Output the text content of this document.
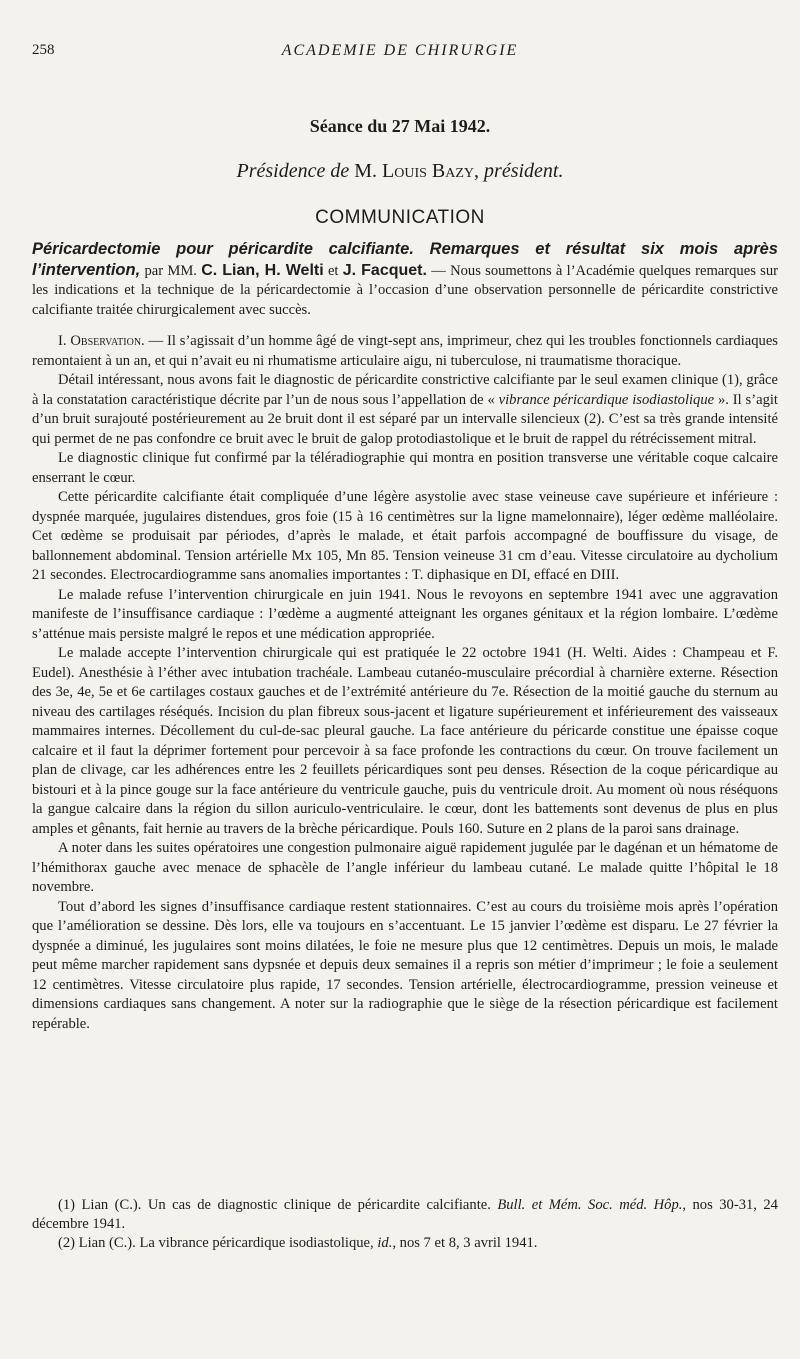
258	ACADEMIE DE CHIRURGIE
Séance du 27 Mai 1942.
Présidence de M. Louis Bazy, président.
COMMUNICATION

Péricardectomie pour péricardite calcifiante. Remarques et résultat six mois après l’intervention, par MM. C. Lian, H. Welti et J. Facquet. — Nous soumettons à l’Académie quelques remarques sur les indications et la technique de la péricardectomie à l’occasion d’une observation personnelle de péricardite constrictive calcifiante traitée chirurgicalement avec succès.

I. Observation. — Il s’agissait d’un homme âgé de vingt-sept ans, imprimeur, chez qui les troubles fonctionnels cardiaques remontaient à un an, et qui n’avait eu ni rhumatisme articulaire aigu, ni tuberculose, ni traumatisme thoracique.

Détail intéressant, nous avons fait le diagnostic de péricardite constrictive calcifiante par le seul examen clinique (1), grâce à la constatation caractéristique décrite par l’un de nous sous l’appellation de « vibrance péricardique isodiastolique ». Il s’agit d’un bruit surajouté postérieurement au 2e bruit dont il est séparé par un intervalle silencieux (2). C’est sa très grande intensité qui permet de ne pas confondre ce bruit avec le bruit de galop protodiastolique et le bruit de rappel du rétrécissement mitral.

Le diagnostic clinique fut confirmé par la téléradiographie qui montra en position transverse une véritable coque calcaire enserrant le cœur.

Cette péricardite calcifiante était compliquée d’une légère asystolie avec stase veineuse cave supérieure et inférieure : dyspnée marquée, jugulaires distendues, gros foie (15 à 16 centimètres sur la ligne mamelonnaire), léger œdème malléolaire. Cet œdème se produisait par périodes, d’après le malade, et était parfois accompagné de bouffissure du visage, de ballonnement abdominal. Tension artérielle Mx 105, Mn 85. Tension veineuse 31 cm d’eau. Vitesse circulatoire au dycholium 21 secondes. Electrocardiogramme sans anomalies importantes : T. diphasique en DI, effacé en DIII.

Le malade refuse l’intervention chirurgicale en juin 1941. Nous le revoyons en septembre 1941 avec une aggravation manifeste de l’insuffisance cardiaque : l’œdème a augmenté atteignant les organes génitaux et la région lombaire. L’œdème s’atténue mais persiste malgré le repos et une médication appropriée.

Le malade accepte l’intervention chirurgicale qui est pratiquée le 22 octobre 1941 (H. Welti. Aides : Champeau et F. Eudel). Anesthésie à l’éther avec intubation trachéale. Lambeau cutanéo-musculaire précordial à charnière externe. Résection des 3e, 4e, 5e et 6e cartilages costaux gauches et de l’extrémité antérieure du 7e. Résection de la moitié gauche du sternum au niveau des cartilages réséqués. Incision du plan fibreux sous-jacent et ligature supérieurement et inférieurement des vaisseaux mammaires internes. Décollement du cul-de-sac pleural gauche. La face antérieure du péricarde constitue une épaisse coque calcaire et il faut la déprimer fortement pour percevoir à sa face profonde les contractions du cœur. On trouve facilement un plan de clivage, car les adhérences entre les 2 feuillets péricardiques sont peu denses. Résection de la coque péricardique au bistouri et à la pince gouge sur la face antérieure du ventricule gauche, puis du ventricule droit. Au moment où nous réséquons la gangue calcaire dans la région du sillon auriculo-ventriculaire. le cœur, dont les battements sont devenus de plus en plus amples et gênants, fait hernie au travers de la brèche péricardique. Pouls 160. Suture en 2 plans de la paroi sans drainage.

A noter dans les suites opératoires une congestion pulmonaire aiguë rapidement jugulée par le dagénan et un hématome de l’hémithorax gauche avec menace de sphacèle de l’angle inférieur du lambeau cutané. Le malade quitte l’hôpital le 18 novembre.

Tout d’abord les signes d’insuffisance cardiaque restent stationnaires. C’est au cours du troisième mois après l’opération que l’amélioration se dessine. Dès lors, elle va toujours en s’accentuant. Le 15 janvier l’œdème est disparu. Le 27 février la dyspnée a diminué, les jugulaires sont moins dilatées, le foie ne mesure plus que 12 centimètres. Depuis un mois, le malade peut même marcher rapidement sans dypsnée et depuis deux semaines il a repris son métier d’imprimeur ; le foie a seulement 12 centimètres. Vitesse circulatoire plus rapide, 17 secondes. Tension artérielle, électrocardiogramme, pression veineuse et dimensions cardiaques sans changement. A noter sur la radiographie que le siège de la résection péricardique est facilement repérable.

(1) Lian (C.). Un cas de diagnostic clinique de péricardite calcifiante. Bull. et Mém. Soc. méd. Hôp., nos 30-31, 24 décembre 1941.

(2) Lian (C.). La vibrance péricardique isodiastolique, id., nos 7 et 8, 3 avril 1941.
